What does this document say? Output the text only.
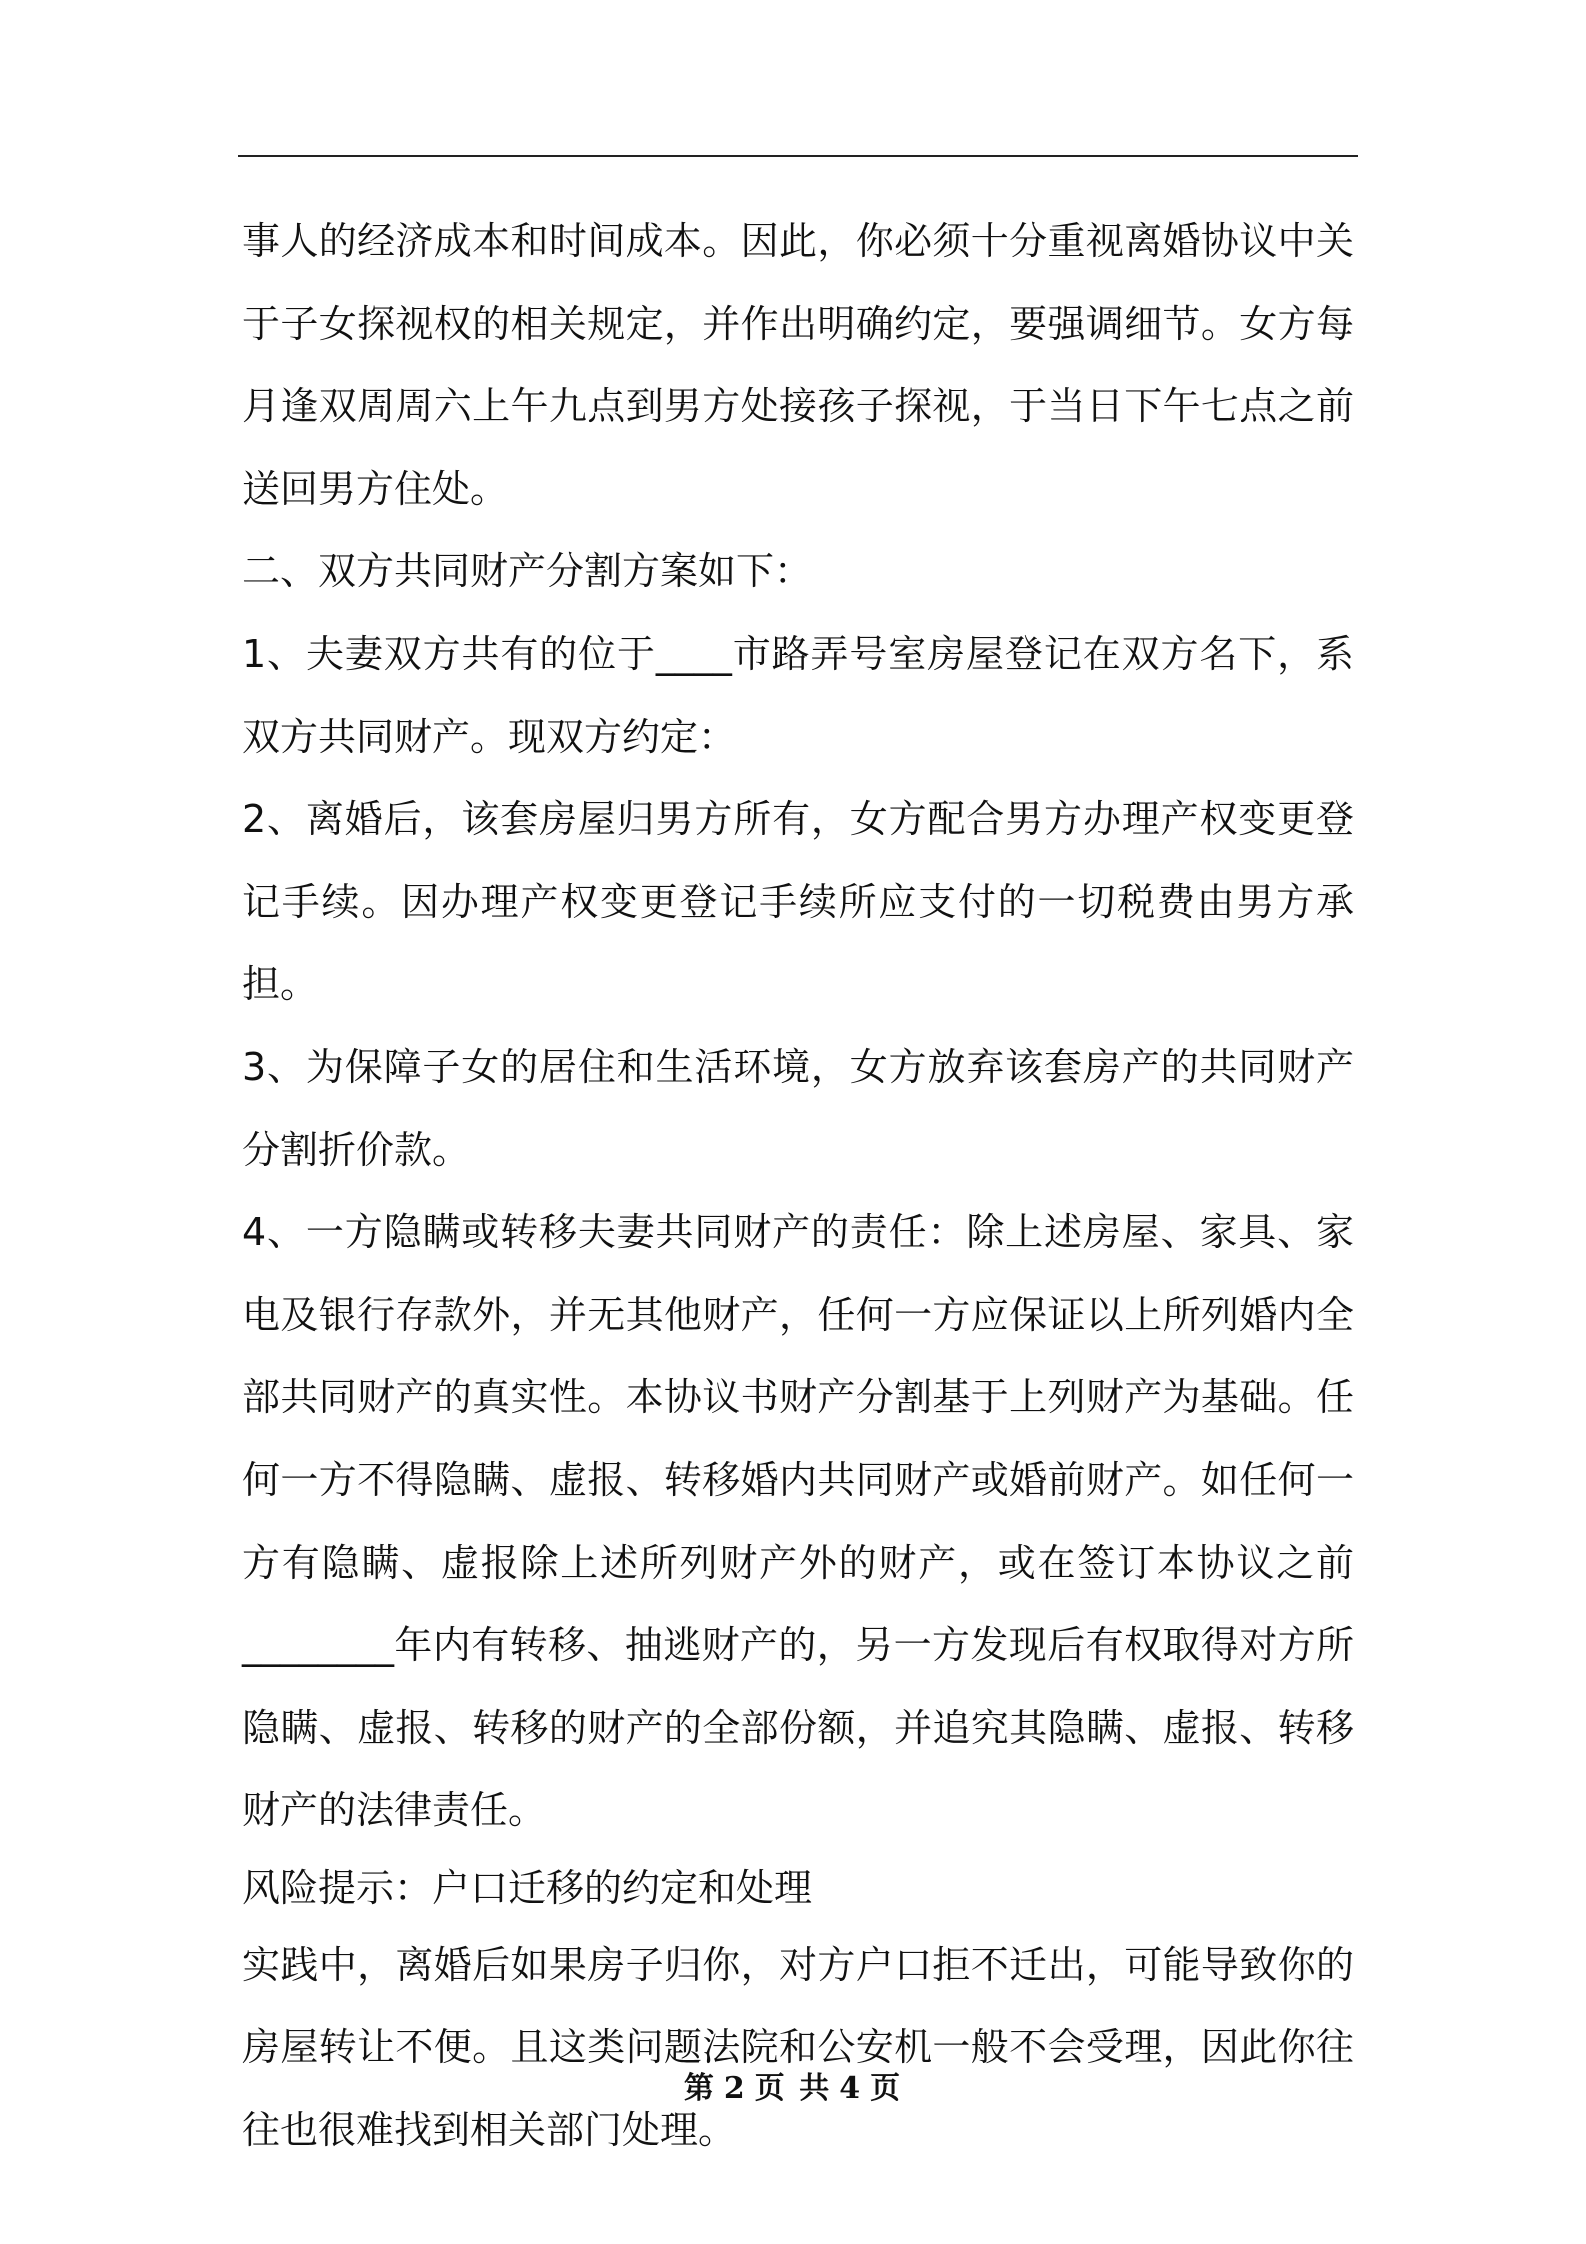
事人的经济成本和时间成本。因此，你必须十分重视离婚协议中关于子女探视权的相关规定，并作出明确约定，要强调细节。女方每月逢双周周六上午九点到男方处接孩子探视，于当日下午七点之前送回男方住处。

二、双方共同财产分割方案如下：

1、夫妻双方共有的位于____市路弄号室房屋登记在双方名下，系双方共同财产。现双方约定：

2、离婚后，该套房屋归男方所有，女方配合男方办理产权变更登记手续。因办理产权变更登记手续所应支付的一切税费由男方承担。

3、为保障子女的居住和生活环境，女方放弃该套房产的共同财产分割折价款。

4、一方隐瞒或转移夫妻共同财产的责任：除上述房屋、家具、家电及银行存款外，并无其他财产，任何一方应保证以上所列婚内全部共同财产的真实性。本协议书财产分割基于上列财产为基础。任何一方不得隐瞒、虚报、转移婚内共同财产或婚前财产。如任何一方有隐瞒、虚报除上述所列财产外的财产，或在签订本协议之前________年内有转移、抽逃财产的，另一方发现后有权取得对方所隐瞒、虚报、转移的财产的全部份额，并追究其隐瞒、虚报、转移财产的法律责任。

风险提示：户口迁移的约定和处理

实践中，离婚后如果房子归你，对方户口拒不迁出，可能导致你的房屋转让不便。且这类问题法院和公安机一般不会受理，因此你往往也很难找到相关部门处理。

第 2 页 共 4 页
